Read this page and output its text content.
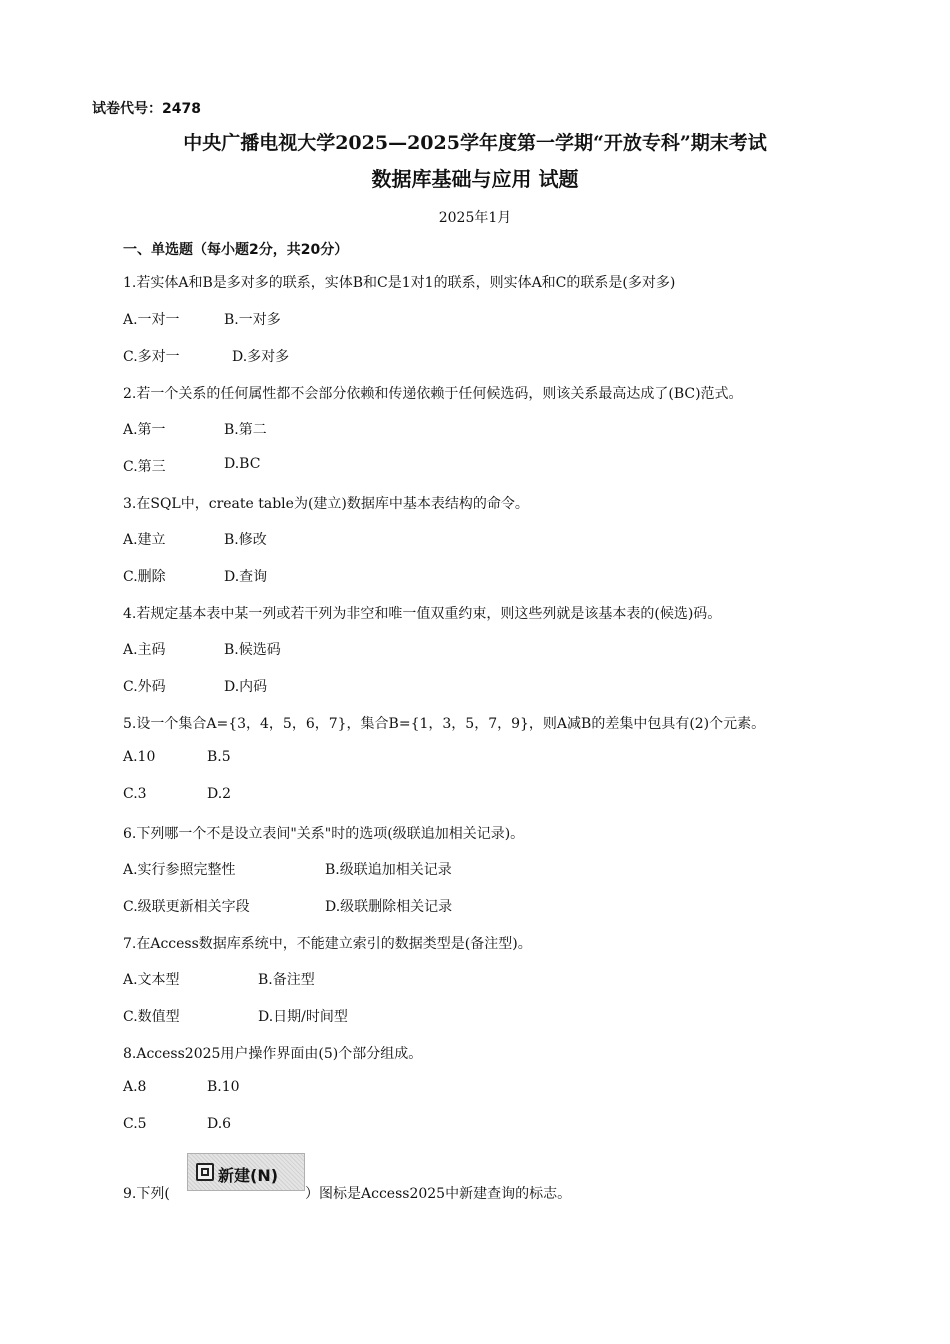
试卷代号：2478
中央广播电视大学2025—2025学年度第一学期“开放专科”期末考试
数据库基础与应用 试题
2025年1月
一、单选题（每小题2分，共20分）
1.若实体A和B是多对多的联系，实体B和C是1对1的联系，则实体A和C的联系是(多对多)
A.一对一	B.一对多
C.多对一	D.多对多
2.若一个关系的任何属性都不会部分依赖和传递依赖于任何候选码，则该关系最高达成了(BC)范式。
A.第一	B.第二
C.第三	D.BC
3.在SQL中，create table为(建立)数据库中基本表结构的命令。
A.建立	B.修改
C.删除	D.查询
4.若规定基本表中某一列或若干列为非空和唯一值双重约束，则这些列就是该基本表的(候选)码。
A.主码	B.候选码
C.外码	D.内码
5.设一个集合A={3，4，5，6，7}，集合B={1，3，5，7，9}，则A减B的差集中包具有(2)个元素。
A.10	B.5
C.3	D.2
6.下列哪一个不是设立表间"关系"时的选项(级联追加相关记录)。
A.实行参照完整性	B.级联追加相关记录
C.级联更新相关字段	D.级联删除相关记录
7.在Access数据库系统中，不能建立索引的数据类型是(备注型)。
A.文本型	B.备注型
C.数值型	D.日期/时间型
8.Access2025用户操作界面由(5)个部分组成。
A.8	B.10
C.5	D.6
9.下列(
新建(N)
）图标是Access2025中新建查询的标志。
